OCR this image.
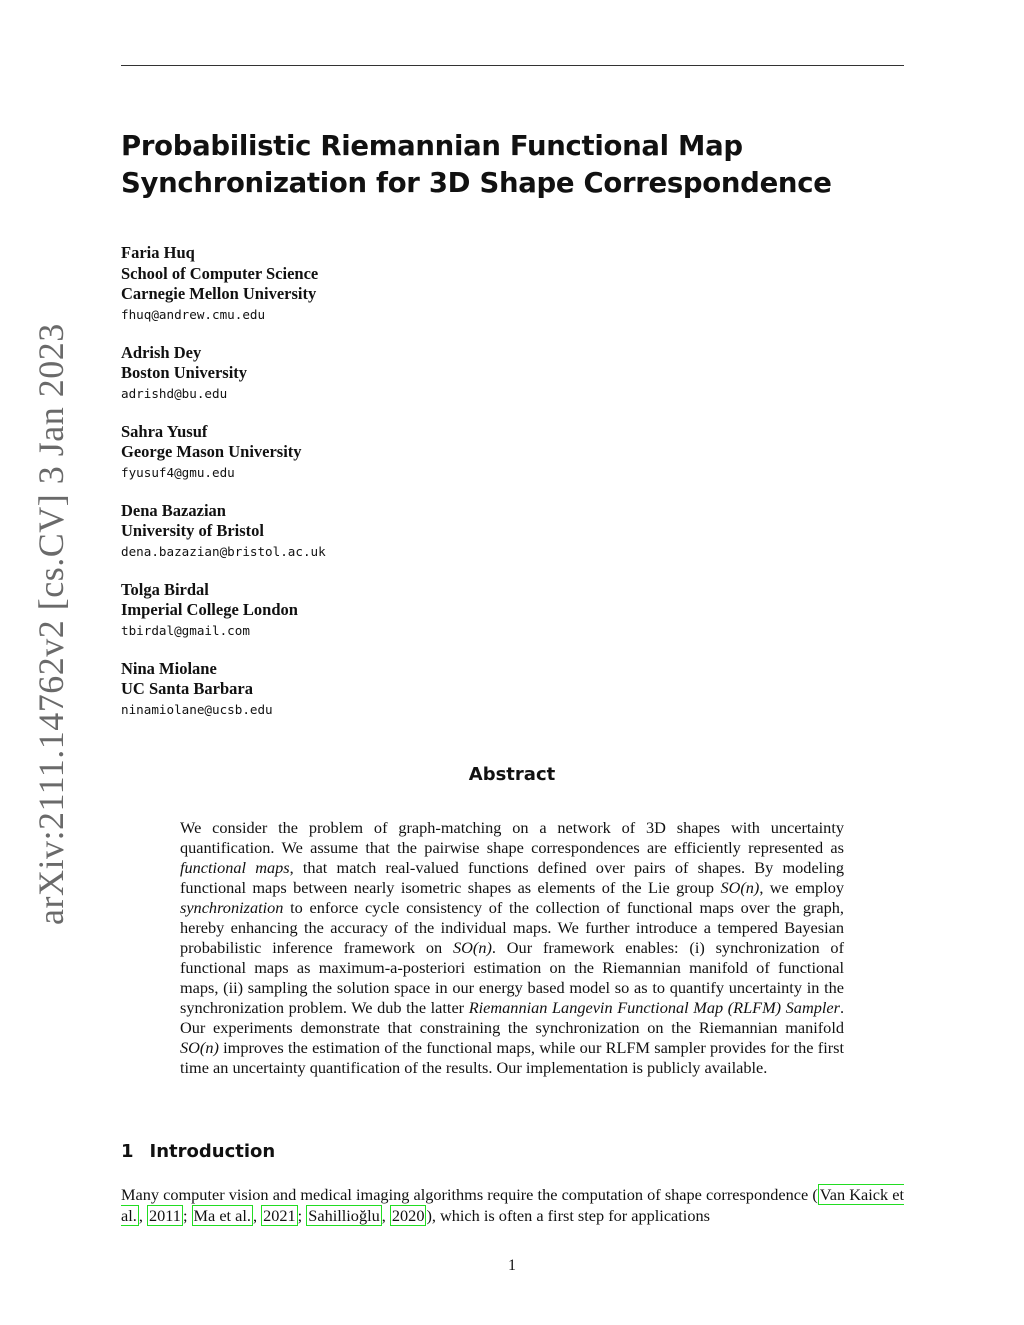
Probabilistic Riemannian Functional Map Synchronization for 3D Shape Correspondence
Faria Huq
School of Computer Science
Carnegie Mellon University
fhuq@andrew.cmu.edu
Adrish Dey
Boston University
adrishd@bu.edu
Sahra Yusuf
George Mason University
fyusuf4@gmu.edu
Dena Bazazian
University of Bristol
dena.bazazian@bristol.ac.uk
Tolga Birdal
Imperial College London
tbirdal@gmail.com
Nina Miolane
UC Santa Barbara
ninamiolane@ucsb.edu
arXiv:2111.14762v2 [cs.CV] 3 Jan 2023	Abstract
We consider the problem of graph-matching on a network of 3D shapes with uncertainty quantification. We assume that the pairwise shape correspondences are efficiently represented as functional maps, that match real-valued functions defined over pairs of shapes. By modeling functional maps between nearly isometric shapes as elements of the Lie group SO(n), we employ synchronization to enforce cycle consistency of the collection of functional maps over the graph, hereby enhancing the accuracy of the individual maps. We further introduce a tempered Bayesian probabilistic inference framework on SO(n). Our framework enables: (i) synchronization of functional maps as maximum-a-posteriori estimation on the Riemannian manifold of functional maps, (ii) sampling the solution space in our energy based model so as to quantify uncertainty in the synchronization problem. We dub the latter Riemannian Langevin Functional Map (RLFM) Sampler. Our experiments demonstrate that constraining the synchronization on the Riemannian manifold SO(n) improves the estimation of the functional maps, while our RLFM sampler provides for the first time an uncertainty quantification of the results. Our implementation is publicly available.
1 Introduction
Many computer vision and medical imaging algorithms require the computation of shape correspondence ( Van Kaick et al. , 2011 ; Ma et al. , 2021 ; Sahillioğlu , 2020 ), which is often a first step for applications
1
